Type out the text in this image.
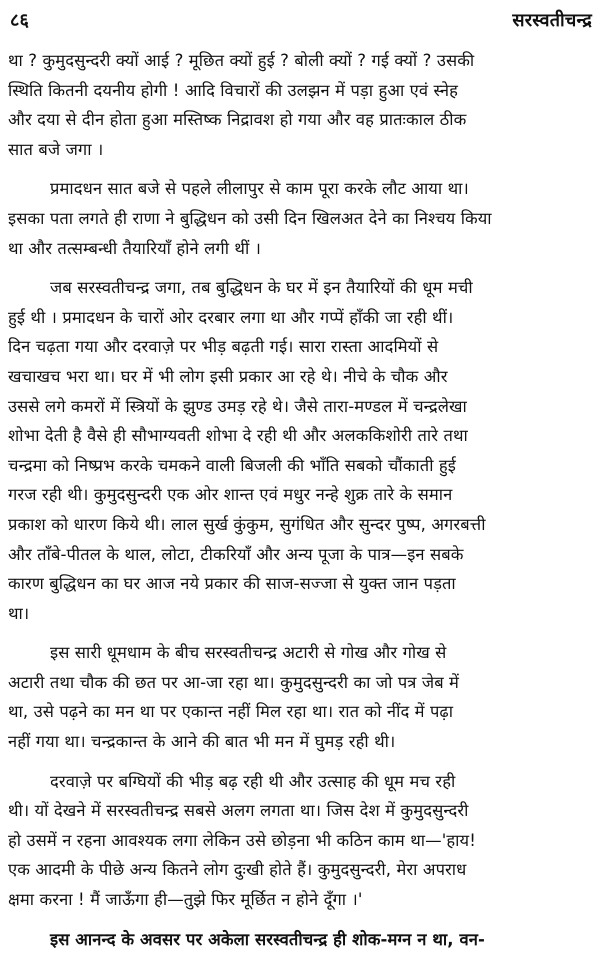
८६	सरस्वतीचन्द्र
था ? कुमुदसुन्दरी क्यों आई ? मूछित क्यों हुई ? बोली क्यों ? गई क्यों ? उसकी
स्थिति कितनी दयनीय होगी ! आदि विचारों की उलझन में पड़ा हुआ एवं स्नेह
और दया से दीन होता हुआ मस्तिष्क निद्रावश हो गया और वह प्रातःकाल ठीक
सात बजे जगा ।
प्रमादधन सात बजे से पहले लीलापुर से काम पूरा करके लौट आया था।
इसका पता लगते ही राणा ने बुद्धिधन को उसी दिन खिलअत देने का निश्चय किया
था और तत्सम्बन्धी तैयारियाँ होने लगी थीं ।
जब सरस्वतीचन्द्र जगा, तब बुद्धिधन के घर में इन तैयारियों की धूम मची
हुई थी । प्रमादधन के चारों ओर दरबार लगा था और गप्पें हाँकी जा रही थीं।
दिन चढ़ता गया और दरवाज़े पर भीड़ बढ़ती गई। सारा रास्ता आदमियों से
खचाखच भरा था। घर में भी लोग इसी प्रकार आ रहे थे। नीचे के चौक और
उससे लगे कमरों में स्त्रियों के झुण्ड उमड़ रहे थे। जैसे तारा-मण्डल में चन्द्रलेखा
शोभा देती है वैसे ही सौभाग्यवती शोभा दे रही थी और अलककिशोरी तारे तथा
चन्द्रमा को निष्प्रभ करके चमकने वाली बिजली की भाँति सबको चौंकाती हुई
गरज रही थी। कुमुदसुन्दरी एक ओर शान्त एवं मधुर नन्हे शुक्र तारे के समान
प्रकाश को धारण किये थी। लाल सुर्ख कुंकुम, सुगंधित और सुन्दर पुष्प, अगरबत्ती
और ताँबे-पीतल के थाल, लोटा, टीकरियाँ और अन्य पूजा के पात्र—इन सबके
कारण बुद्धिधन का घर आज नये प्रकार की साज-सज्जा से युक्त जान पड़ता
था।
इस सारी धूमधाम के बीच सरस्वतीचन्द्र अटारी से गोख और गोख से
अटारी तथा चौक की छत पर आ-जा रहा था। कुमुदसुन्दरी का जो पत्र जेब में
था, उसे पढ़ने का मन था पर एकान्त नहीं मिल रहा था। रात को नींद में पढ़ा
नहीं गया था। चन्द्रकान्त के आने की बात भी मन में घुमड़ रही थी।
दरवाज़े पर बग्घियों की भीड़ बढ़ रही थी और उत्साह की धूम मच रही
थी। यों देखने में सरस्वतीचन्द्र सबसे अलग लगता था। जिस देश में कुमुदसुन्दरी
हो उसमें न रहना आवश्यक लगा लेकिन उसे छोड़ना भी कठिन काम था—'हाय!
एक आदमी के पीछे अन्य कितने लोग दुःखी होते हैं। कुमुदसुन्दरी, मेरा अपराध
क्षमा करना ! मैं जाऊँगा ही—तुझे फिर मूर्छित न होने दूँगा ।'
इस आनन्द के अवसर पर अकेला सरस्वतीचन्द्र ही शोक-मग्न न था, वन-
